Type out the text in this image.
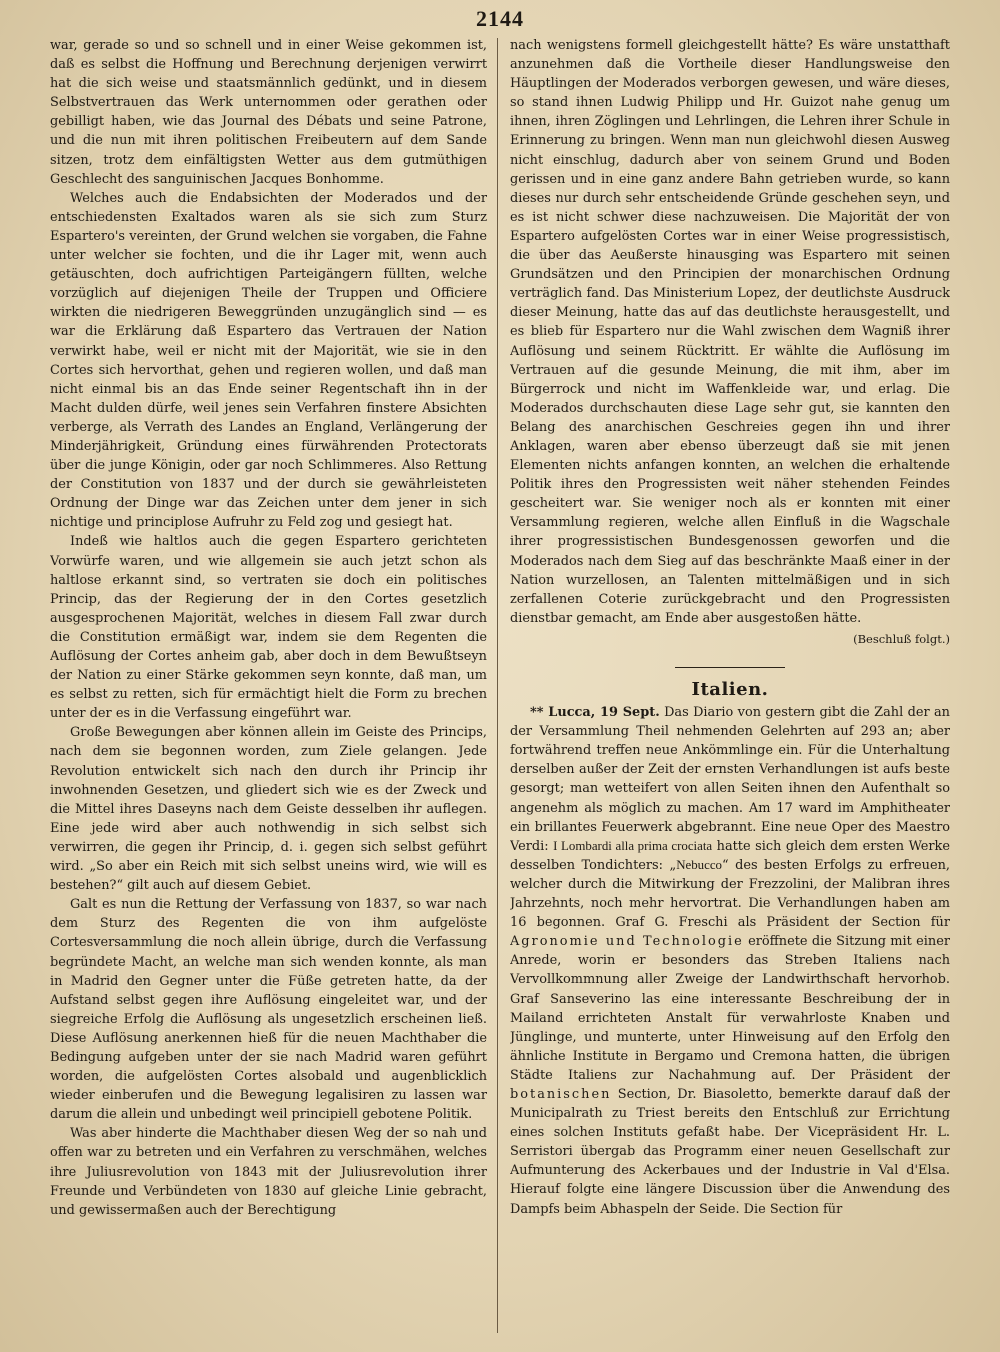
2144

war, gerade so und so schnell und in einer Weise gekommen ist, daß es selbst die Hoffnung und Berechnung derjenigen verwirrt hat die sich weise und staatsmännlich gedünkt, und in diesem Selbstvertrauen das Werk unternommen oder gerathen oder gebilligt haben, wie das Journal des Débats und seine Patrone, und die nun mit ihren politischen Freibeutern auf dem Sande sitzen, trotz dem einfältigsten Wetter aus dem gutmüthigen Geschlecht des sanguinischen Jacques Bonhomme.

Welches auch die Endabsichten der Moderados und der entschiedensten Exaltados waren als sie sich zum Sturz Espartero's vereinten, der Grund welchen sie vorgaben, die Fahne unter welcher sie fochten, und die ihr Lager mit, wenn auch getäuschten, doch aufrichtigen Parteigängern füllten, welche vorzüglich auf diejenigen Theile der Truppen und Officiere wirkten die niedrigeren Beweggründen unzugänglich sind — es war die Erklärung daß Espartero das Vertrauen der Nation verwirkt habe, weil er nicht mit der Majorität, wie sie in den Cortes sich hervorthat, gehen und regieren wollen, und daß man nicht einmal bis an das Ende seiner Regentschaft ihn in der Macht dulden dürfe, weil jenes sein Verfahren finstere Absichten verberge, als Verrath des Landes an England, Verlängerung der Minderjährigkeit, Gründung eines fürwährenden Protectorats über die junge Königin, oder gar noch Schlimmeres. Also Rettung der Constitution von 1837 und der durch sie gewährleisteten Ordnung der Dinge war das Zeichen unter dem jener in sich nichtige und principlose Aufruhr zu Feld zog und gesiegt hat.

Indeß wie haltlos auch die gegen Espartero gerichteten Vorwürfe waren, und wie allgemein sie auch jetzt schon als haltlose erkannt sind, so vertraten sie doch ein politisches Princip, das der Regierung der in den Cortes gesetzlich ausgesprochenen Majorität, welches in diesem Fall zwar durch die Constitution ermäßigt war, indem sie dem Regenten die Auflösung der Cortes anheim gab, aber doch in dem Bewußtseyn der Nation zu einer Stärke gekommen seyn konnte, daß man, um es selbst zu retten, sich für ermächtigt hielt die Form zu brechen unter der es in die Verfassung eingeführt war.

Große Bewegungen aber können allein im Geiste des Princips, nach dem sie begonnen worden, zum Ziele gelangen. Jede Revolution entwickelt sich nach den durch ihr Princip ihr inwohnenden Gesetzen, und gliedert sich wie es der Zweck und die Mittel ihres Daseyns nach dem Geiste desselben ihr auflegen. Eine jede wird aber auch nothwendig in sich selbst sich verwirren, die gegen ihr Princip, d. i. gegen sich selbst geführt wird. „So aber ein Reich mit sich selbst uneins wird, wie will es bestehen?“ gilt auch auf diesem Gebiet.

Galt es nun die Rettung der Verfassung von 1837, so war nach dem Sturz des Regenten die von ihm aufgelöste Cortesversammlung die noch allein übrige, durch die Verfassung begründete Macht, an welche man sich wenden konnte, als man in Madrid den Gegner unter die Füße getreten hatte, da der Aufstand selbst gegen ihre Auflösung eingeleitet war, und der siegreiche Erfolg die Auflösung als ungesetzlich erscheinen ließ. Diese Auflösung anerkennen hieß für die neuen Machthaber die Bedingung aufgeben unter der sie nach Madrid waren geführt worden, die aufgelösten Cortes alsobald und augenblicklich wieder einberufen und die Bewegung legalisiren zu lassen war darum die allein und unbedingt weil principiell gebotene Politik.

Was aber hinderte die Machthaber diesen Weg der so nah und offen war zu betreten und ein Verfahren zu verschmähen, welches ihre Juliusrevolution von 1843 mit der Juliusrevolution ihrer Freunde und Verbündeten von 1830 auf gleiche Linie gebracht, und gewissermaßen auch der Berechtigung

nach wenigstens formell gleichgestellt hätte? Es wäre unstatthaft anzunehmen daß die Vortheile dieser Handlungsweise den Häuptlingen der Moderados verborgen gewesen, und wäre dieses, so stand ihnen Ludwig Philipp und Hr. Guizot nahe genug um ihnen, ihren Zöglingen und Lehrlingen, die Lehren ihrer Schule in Erinnerung zu bringen. Wenn man nun gleichwohl diesen Ausweg nicht einschlug, dadurch aber von seinem Grund und Boden gerissen und in eine ganz andere Bahn getrieben wurde, so kann dieses nur durch sehr entscheidende Gründe geschehen seyn, und es ist nicht schwer diese nachzuweisen. Die Majorität der von Espartero aufgelösten Cortes war in einer Weise progressistisch, die über das Aeußerste hinausging was Espartero mit seinen Grundsätzen und den Principien der monarchischen Ordnung verträglich fand. Das Ministerium Lopez, der deutlichste Ausdruck dieser Meinung, hatte das auf das deutlichste herausgestellt, und es blieb für Espartero nur die Wahl zwischen dem Wagniß ihrer Auflösung und seinem Rücktritt. Er wählte die Auflösung im Vertrauen auf die gesunde Meinung, die mit ihm, aber im Bürgerrock und nicht im Waffenkleide war, und erlag. Die Moderados durchschauten diese Lage sehr gut, sie kannten den Belang des anarchischen Geschreies gegen ihn und ihrer Anklagen, waren aber ebenso überzeugt daß sie mit jenen Elementen nichts anfangen konnten, an welchen die erhaltende Politik ihres den Progressisten weit näher stehenden Feindes gescheitert war. Sie weniger noch als er konnten mit einer Versammlung regieren, welche allen Einfluß in die Wagschale ihrer progressistischen Bundesgenossen geworfen und die Moderados nach dem Sieg auf das beschränkte Maaß einer in der Nation wurzellosen, an Talenten mittelmäßigen und in sich zerfallenen Coterie zurückgebracht und den Progressisten dienstbar gemacht, am Ende aber ausgestoßen hätte.

(Beschluß folgt.)
Italien.

** Lucca, 19 Sept. Das Diario von gestern gibt die Zahl der an der Versammlung Theil nehmenden Gelehrten auf 293 an; aber fortwährend treffen neue Ankömmlinge ein. Für die Unterhaltung derselben außer der Zeit der ernsten Verhandlungen ist aufs beste gesorgt; man wetteifert von allen Seiten ihnen den Aufenthalt so angenehm als möglich zu machen. Am 17 ward im Amphitheater ein brillantes Feuerwerk abgebrannt. Eine neue Oper des Maestro Verdi: I Lombardi alla prima crociata hatte sich gleich dem ersten Werke desselben Tondichters: „Nebucco“ des besten Erfolgs zu erfreuen, welcher durch die Mitwirkung der Frezzolini, der Malibran ihres Jahrzehnts, noch mehr hervortrat. Die Verhandlungen haben am 16 begonnen. Graf G. Freschi als Präsident der Section für Agronomie und Technologie eröffnete die Sitzung mit einer Anrede, worin er besonders das Streben Italiens nach Vervollkommnung aller Zweige der Landwirthschaft hervorhob. Graf Sanseverino las eine interessante Beschreibung der in Mailand errichteten Anstalt für verwahrloste Knaben und Jünglinge, und munterte, unter Hinweisung auf den Erfolg den ähnliche Institute in Bergamo und Cremona hatten, die übrigen Städte Italiens zur Nachahmung auf. Der Präsident der botanischen Section, Dr. Biasoletto, bemerkte darauf daß der Municipalrath zu Triest bereits den Entschluß zur Errichtung eines solchen Instituts gefaßt habe. Der Vicepräsident Hr. L. Serristori übergab das Programm einer neuen Gesellschaft zur Aufmunterung des Ackerbaues und der Industrie in Val d'Elsa. Hierauf folgte eine längere Discussion über die Anwendung des Dampfs beim Abhaspeln der Seide. Die Section für
